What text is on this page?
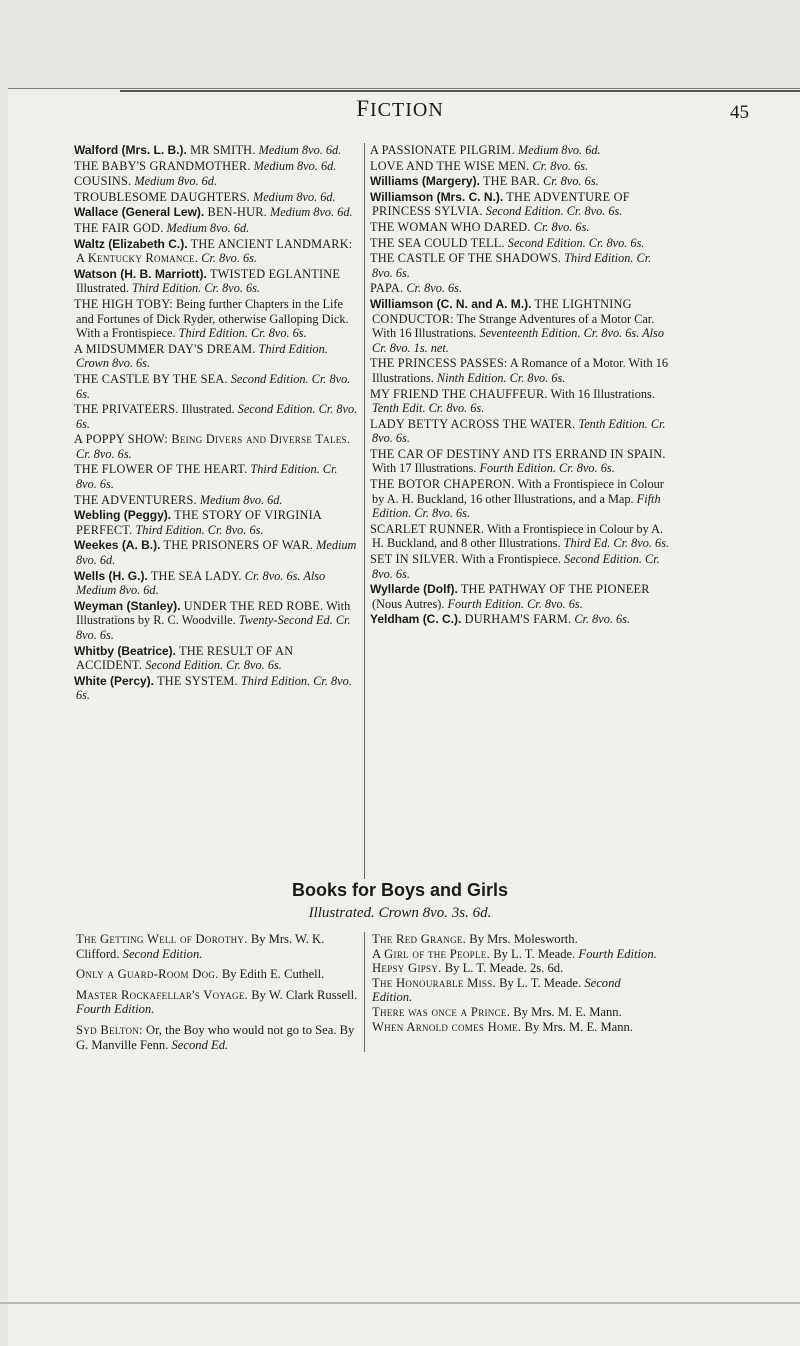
FICTION	45
Walford (Mrs. L. B.). MR SMITH. Medium 8vo. 6d.
THE BABY'S GRANDMOTHER. Medium 8vo. 6d.
COUSINS. Medium 8vo. 6d.
TROUBLESOME DAUGHTERS. Medium 8vo. 6d.
Wallace (General Lew). BEN-HUR. Medium 8vo. 6d.
THE FAIR GOD. Medium 8vo. 6d.
Waltz (Elizabeth C.). THE ANCIENT LANDMARK: A Kentucky Romance. Cr. 8vo. 6s.
Watson (H. B. Marriott). TWISTED EGLANTINE Illustrated. Third Edition. Cr. 8vo. 6s.
THE HIGH TOBY: Being further Chapters in the Life and Fortunes of Dick Ryder, otherwise Galloping Dick. With a Frontispiece. Third Edition. Cr. 8vo. 6s.
A MIDSUMMER DAY'S DREAM. Third Edition. Crown 8vo. 6s.
THE CASTLE BY THE SEA. Second Edition. Cr. 8vo. 6s.
THE PRIVATEERS. Illustrated. Second Edition. Cr. 8vo. 6s.
A POPPY SHOW: Being Divers and Diverse Tales. Cr. 8vo. 6s.
THE FLOWER OF THE HEART. Third Edition. Cr. 8vo. 6s.
THE ADVENTURERS. Medium 8vo. 6d.
Webling (Peggy). THE STORY OF VIRGINIA PERFECT. Third Edition. Cr. 8vo. 6s.
Weekes (A. B.). THE PRISONERS OF WAR. Medium 8vo. 6d.
Wells (H. G.). THE SEA LADY. Cr. 8vo. 6s. Also Medium 8vo. 6d.
Weyman (Stanley). UNDER THE RED ROBE. With Illustrations by R. C. Woodville. Twenty-Second Ed. Cr. 8vo. 6s.
Whitby (Beatrice). THE RESULT OF AN ACCIDENT. Second Edition. Cr. 8vo. 6s.
White (Percy). THE SYSTEM. Third Edition. Cr. 8vo. 6s.
A PASSIONATE PILGRIM. Medium 8vo. 6d.
LOVE AND THE WISE MEN. Cr. 8vo. 6s.
Williams (Margery). THE BAR. Cr. 8vo. 6s.
Williamson (Mrs. C. N.). THE ADVENTURE OF PRINCESS SYLVIA. Second Edition. Cr. 8vo. 6s.
THE WOMAN WHO DARED. Cr. 8vo. 6s.
THE SEA COULD TELL. Second Edition. Cr. 8vo. 6s.
THE CASTLE OF THE SHADOWS. Third Edition. Cr. 8vo. 6s.
PAPA. Cr. 8vo. 6s.
Williamson (C. N. and A. M.). THE LIGHTNING CONDUCTOR: The Strange Adventures of a Motor Car. With 16 Illustrations. Seventeenth Edition. Cr. 8vo. 6s. Also Cr. 8vo. 1s. net.
THE PRINCESS PASSES: A Romance of a Motor. With 16 Illustrations. Ninth Edition. Cr. 8vo. 6s.
MY FRIEND THE CHAUFFEUR. With 16 Illustrations. Tenth Edit. Cr. 8vo. 6s.
LADY BETTY ACROSS THE WATER. Tenth Edition. Cr. 8vo. 6s.
THE CAR OF DESTINY AND ITS ERRAND IN SPAIN. With 17 Illustrations. Fourth Edition. Cr. 8vo. 6s.
THE BOTOR CHAPERON. With a Frontispiece in Colour by A. H. Buckland, 16 other Illustrations, and a Map. Fifth Edition. Cr. 8vo. 6s.
SCARLET RUNNER. With a Frontispiece in Colour by A. H. Buckland, and 8 other Illustrations. Third Ed. Cr. 8vo. 6s.
SET IN SILVER. With a Frontispiece. Second Edition. Cr. 8vo. 6s.
Wyllarde (Dolf). THE PATHWAY OF THE PIONEER (Nous Autres). Fourth Edition. Cr. 8vo. 6s.
Yeldham (C. C.). DURHAM'S FARM. Cr. 8vo. 6s.
Books for Boys and Girls
Illustrated. Crown 8vo. 3s. 6d.
The Getting Well of Dorothy. By Mrs. W. K. Clifford. Second Edition.
Only a Guard-Room Dog. By Edith E. Cuthell.
Master Rockafellar's Voyage. By W. Clark Russell. Fourth Edition.
Syd Belton: Or, the Boy who would not go to Sea. By G. Manville Fenn. Second Ed.
The Red Grange. By Mrs. Molesworth.
A Girl of the People. By L. T. Meade. Fourth Edition.
Hepsy Gipsy. By L. T. Meade. 2s. 6d.
The Honourable Miss. By L. T. Meade. Second Edition.
There was once a Prince. By Mrs. M. E. Mann.
When Arnold comes Home. By Mrs. M. E. Mann.
